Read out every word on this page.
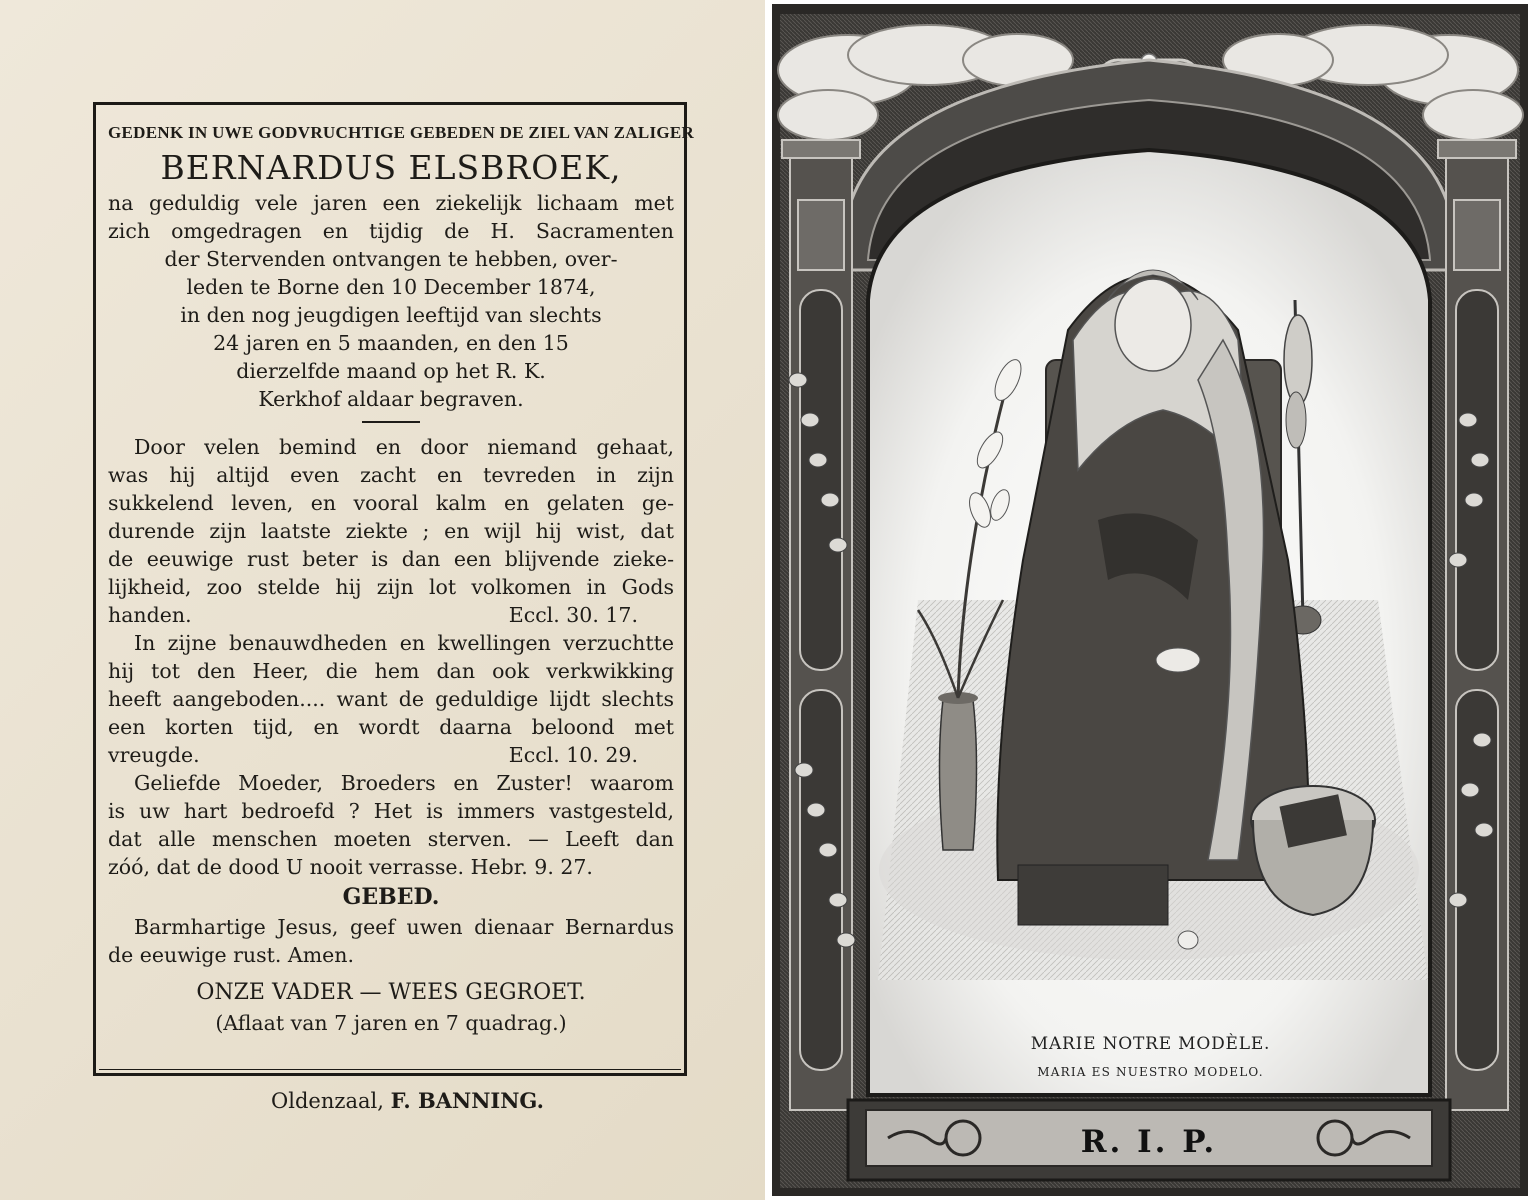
GEDENK IN UWE GODVRUCHTIGE GEBEDEN DE ZIEL VAN ZALIGER
BERNARDUS ELSBROEK,
na geduldig vele jaren een ziekelijk lichaam met
zich omgedragen en tijdig de H. Sacramenten
der Stervenden ontvangen te hebben, over-
leden te Borne den 10 December 1874,
in den nog jeugdigen leeftijd van slechts
24 jaren en 5 maanden, en den 15
dierzelfde maand op het R. K.
Kerkhof aldaar begraven.
Door velen bemind en door niemand gehaat,
was hij altijd even zacht en tevreden in zijn
sukkelend leven, en vooral kalm en gelaten ge-
durende zijn laatste ziekte ; en wijl hij wist, dat
de eeuwige rust beter is dan een blijvende zieke-
lijkheid, zoo stelde hij zijn lot volkomen in Gods
handen.	Eccl. 30. 17.
In zijne benauwdheden en kwellingen verzuchtte
hij tot den Heer, die hem dan ook verkwikking
heeft aangeboden.... want de geduldige lijdt slechts
een korten tijd, en wordt daarna beloond met
vreugde.	Eccl. 10. 29.
Geliefde Moeder, Broeders en Zuster! waarom
is uw hart bedroefd ? Het is immers vastgesteld,
dat alle menschen moeten sterven. — Leeft dan
zóó, dat de dood U nooit verrasse. Hebr. 9. 27.
GEBED.
Barmhartige Jesus, geef uwen dienaar Bernardus
de eeuwige rust. Amen.
ONZE VADER — WEES GEGROET.
(Aflaat van 7 jaren en 7 quadrag.)
Oldenzaal, F. BANNING.
MARIE NOTRE MODÈLE.
MARIA ES NUESTRO MODELO.
R. I. P.
